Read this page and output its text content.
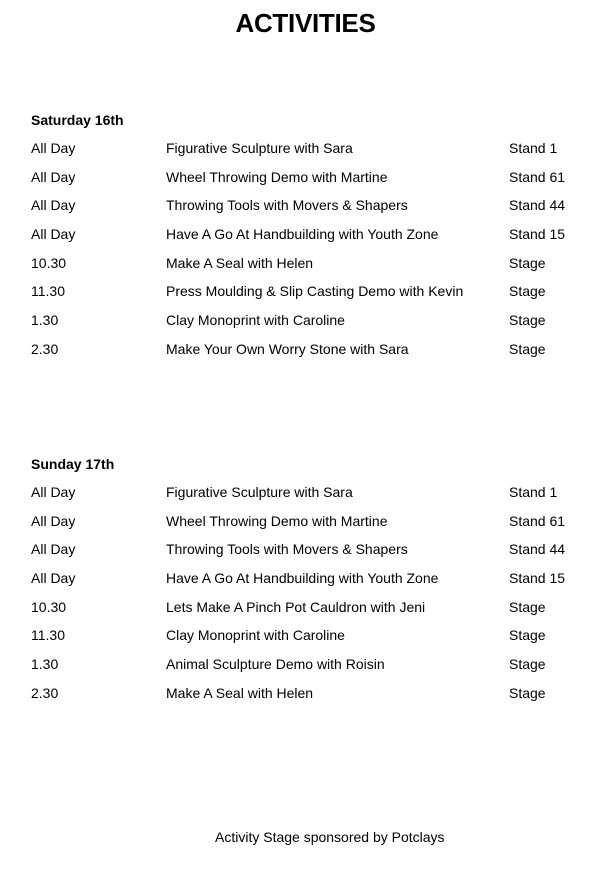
ACTIVITIES
Saturday 16th
All Day	Figurative Sculpture with Sara	Stand 1
All Day	Wheel Throwing Demo with Martine	Stand 61
All Day	Throwing Tools with Movers & Shapers	Stand 44
All Day	Have A Go At Handbuilding with Youth Zone	Stand 15
10.30	Make A Seal with Helen	Stage
11.30	Press Moulding & Slip Casting Demo with Kevin	Stage
1.30	Clay Monoprint with Caroline	Stage
2.30	Make Your Own Worry Stone with Sara	Stage
Sunday 17th
All Day	Figurative Sculpture with Sara	Stand 1
All Day	Wheel Throwing Demo with Martine	Stand 61
All Day	Throwing Tools with Movers & Shapers	Stand 44
All Day	Have A Go At Handbuilding with Youth Zone	Stand 15
10.30	Lets Make A Pinch Pot Cauldron with Jeni	Stage
11.30	Clay Monoprint with Caroline	Stage
1.30	Animal Sculpture Demo with Roisin	Stage
2.30	Make A Seal with Helen	Stage
Activity Stage sponsored by Potclays
